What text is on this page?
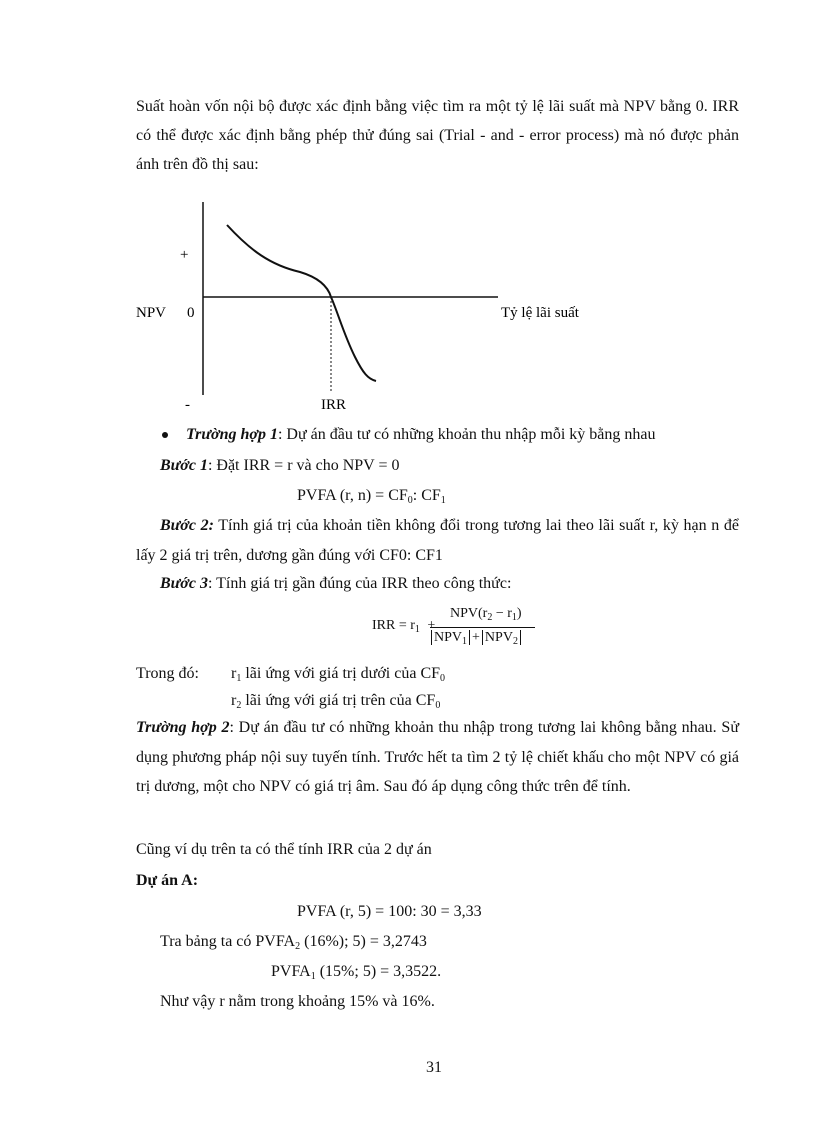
Suất hoàn vốn nội bộ được xác định bằng việc tìm ra một tỷ lệ lãi suất mà NPV bằng 0. IRR có thể được xác định bằng phép thử đúng sai (Trial - and - error process) mà nó được phản ánh trên đồ thị sau:
+
NPV 0	Tỷ lệ lãi suất
-	IRR
Trường hợp 1: Dự án đầu tư có những khoản thu nhập mỗi kỳ bằng nhau
Bước 1: Đặt IRR = r và cho NPV = 0
PVFA (r, $n) = CF_0$: $CF_1$
Bước 2: Tính giá trị của khoản tiền không đổi trong tương lai theo lãi suất r, kỳ hạn n để lấy 2 giá trị trên, dương gần đúng với CF0: CF1
Bước 3: Tính giá trị gần đúng của IRR theo công thức:
IRR = $r_1$ +
$NPV(r_2 - r_1)$
$NPV_1 + NPV_2$
Trong đó: $r_1$ lãi ứng với giá trị dưới của $CF_0$
$r_2$ lãi ứng với giá trị trên của $CF_0$
Trường hợp 2: Dự án đầu tư có những khoản thu nhập trong tương lai không bằng nhau. Sử dụng phương pháp nội suy tuyến tính. Trước hết ta tìm 2 tỷ lệ chiết khấu cho một NPV có giá trị dương, một cho NPV có giá trị âm. Sau đó áp dụng công thức trên để tính.
Cũng ví dụ trên ta có thể tính IRR của 2 dự án
Dự án A:
PVFA (r, 5) = 100: 30 = 3,33
Tra bảng ta có $PVFA_2$ (16%); 5) = 3,2743
$PVFA_1$ (15%; 5) = 3,3522.
Như vậy r nằm trong khoảng 15% và 16%.
31
